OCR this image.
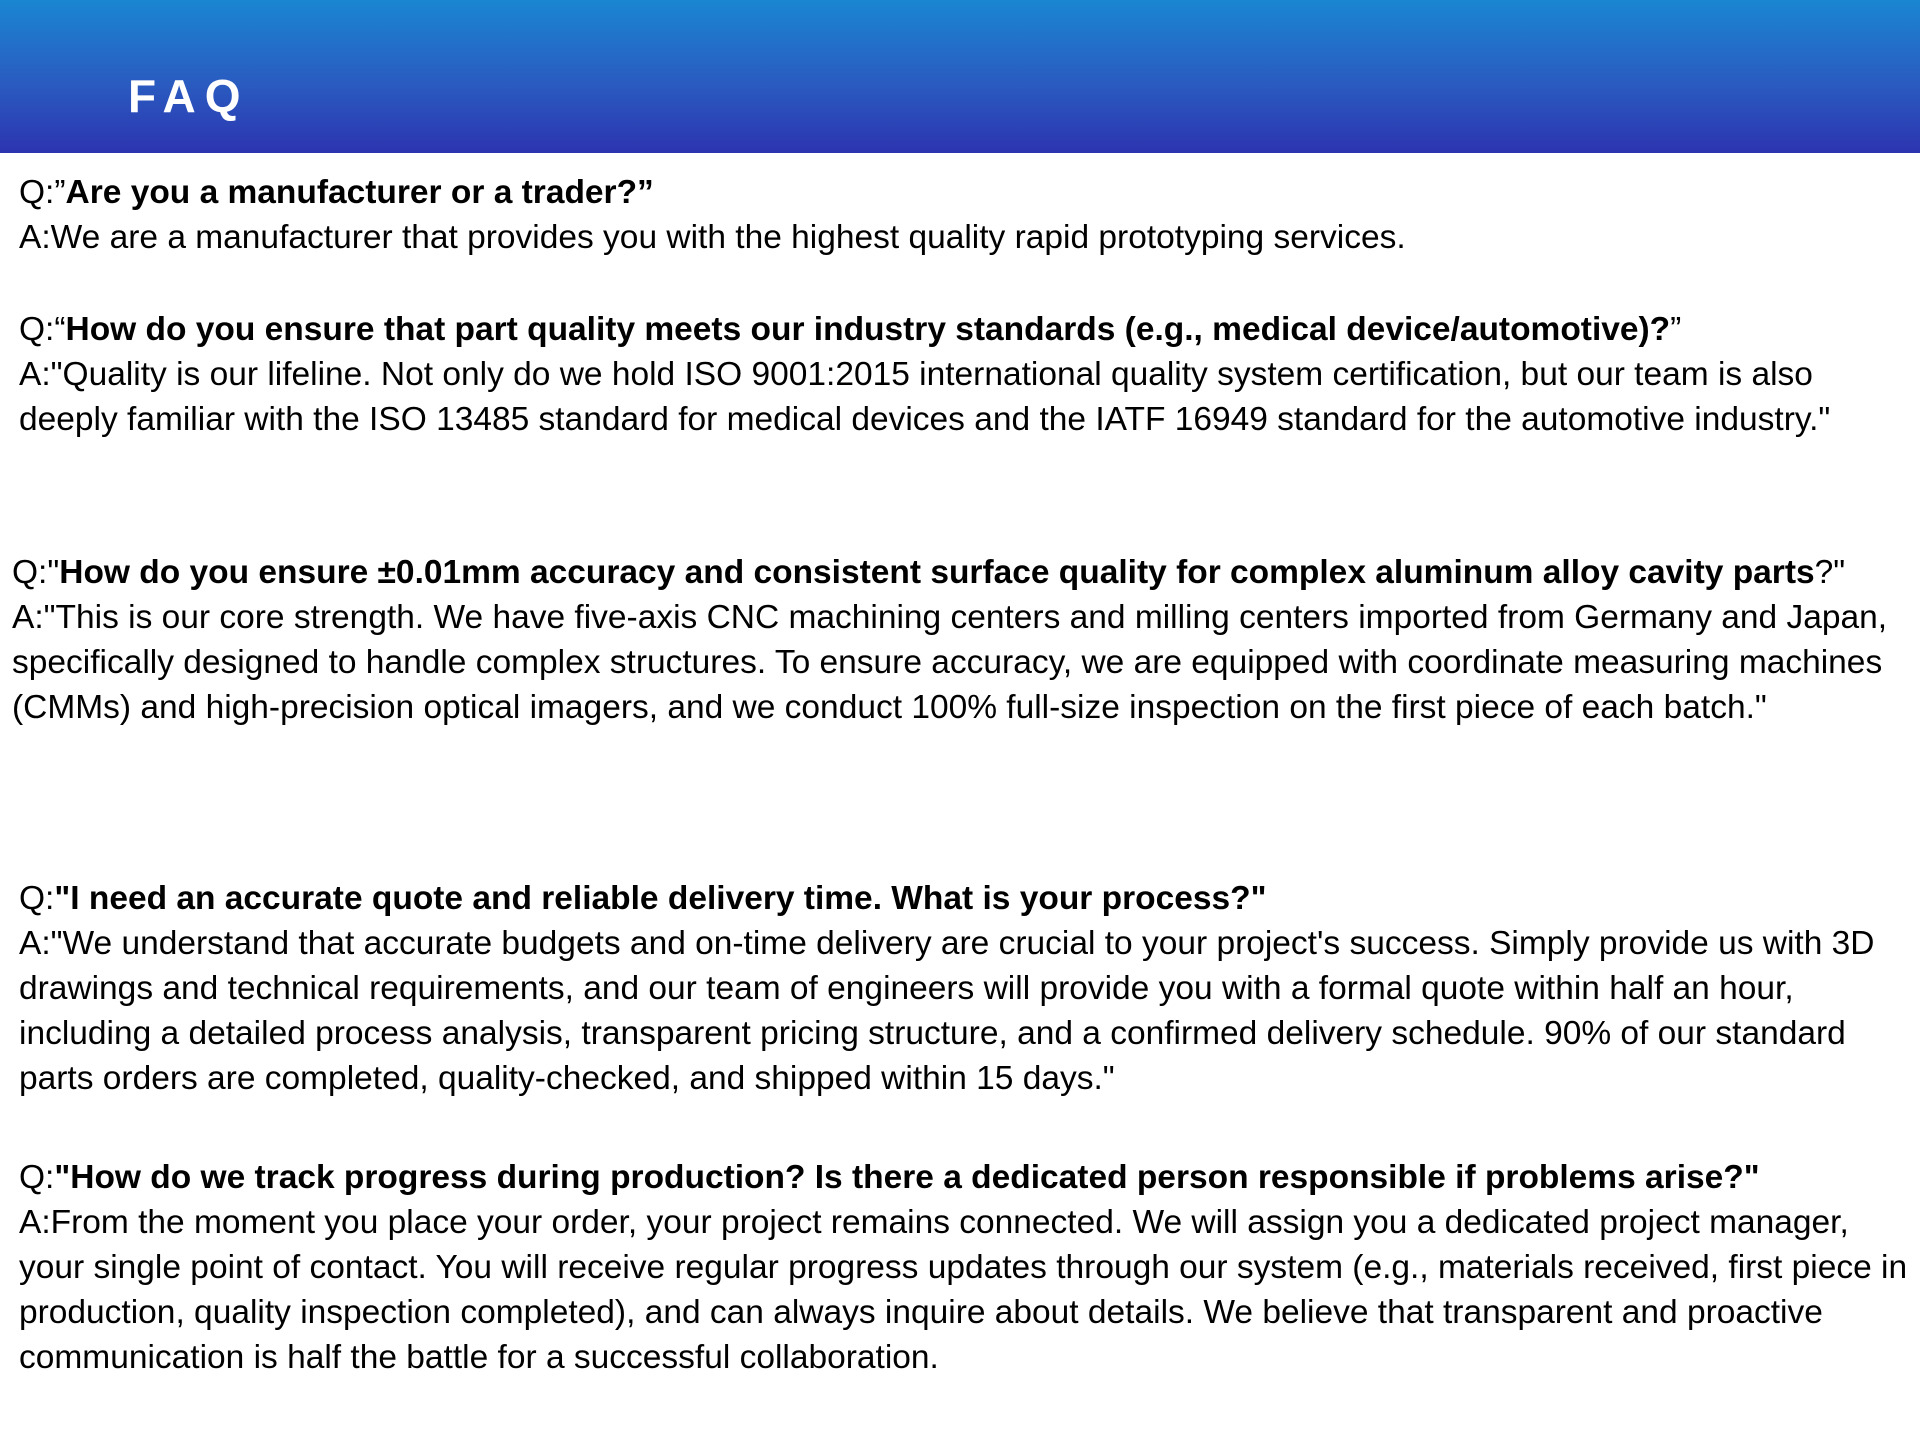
FAQ

Q:”Are you a manufacturer or a trader?”

A:We are a manufacturer that provides you with the highest quality rapid prototyping services.

Q:“How do you ensure that part quality meets our industry standards (e.g., medical device/automotive)?”

A:"Quality is our lifeline. Not only do we hold ISO 9001:2015 international quality system certification, but our team is also deeply familiar with the ISO 13485 standard for medical devices and the IATF 16949 standard for the automotive industry."

Q:"How do you ensure ±0.01mm accuracy and consistent surface quality for complex aluminum alloy cavity parts?"

A:"This is our core strength. We have five-axis CNC machining centers and milling centers imported from Germany and Japan, specifically designed to handle complex structures. To ensure accuracy, we are equipped with coordinate measuring machines (CMMs) and high-precision optical imagers, and we conduct 100% full-size inspection on the first piece of each batch."

Q:"I need an accurate quote and reliable delivery time. What is your process?"

A:"We understand that accurate budgets and on-time delivery are crucial to your project's success. Simply provide us with 3D drawings and technical requirements, and our team of engineers will provide you with a formal quote within half an hour, including a detailed process analysis, transparent pricing structure, and a confirmed delivery schedule. 90% of our standard parts orders are completed, quality-checked, and shipped within 15 days."

Q:"How do we track progress during production? Is there a dedicated person responsible if problems arise?"

A:From the moment you place your order, your project remains connected. We will assign you a dedicated project manager, your single point of contact. You will receive regular progress updates through our system (e.g., materials received, first piece in production, quality inspection completed), and can always inquire about details. We believe that transparent and proactive communication is half the battle for a successful collaboration.
